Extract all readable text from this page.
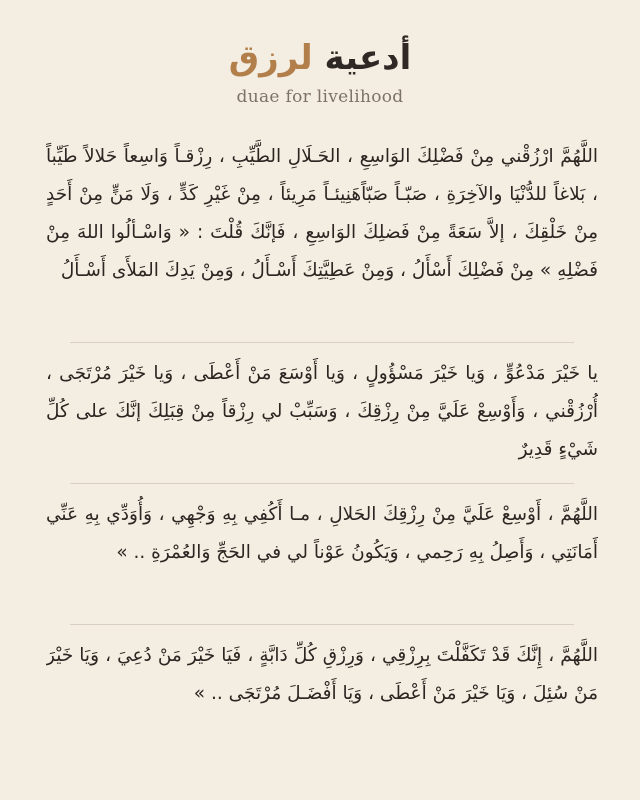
أدعية لرزق
duae for livelihood

اللَّهُمَّ ارْزُقْني مِنْ فَضْلِكَ الوَاسِعِ ، الحَـلَالِ الطَّيِّبِ ، رِزْقـاً وَاسِعاً حَلالاً طَيِّباً ، بَلاغاً للدُّنْيَا والآخِرَةِ ، صَبّـاً صَبّاًهَنِيئـاً مَرِيئاً ، مِنْ غَيْرِ كَدٍّ ، وَلَا مَنٍّ مِنْ أَحَدٍ مِنْ خَلْقِكَ ، إلاَّ سَعَةً مِنْ فَضلِكَ الوَاسِعِ ، فَإنَّكَ قُلْتَ : « وَاسْـألُوا اللهَ مِنْ فَضْلِهِ » مِنْ فَضْلِكَ أَسْأَلُ ، وَمِنْ عَطِيَّتِكَ أَسْـأَلُ ، وَمِنْ يَدِكَ المَلأَى أَسْـأَلُ

يا خَيْرَ مَدْعُوٍّ ، وَيا خَيْرَ مَسْؤُولٍ ، وَيا أَوْسَعَ مَنْ أَعْطَى ، وَيا خَيْرَ مُرْتَجَى ، أُرْزُقْني ، وَأَوْسِعْ عَلَيَّ مِنْ رِزْقِكَ ، وَسَبِّبْ لي رِزْقاً مِنْ قِبَلِكَ إنَّكَ على كُلِّ شَيْءٍ قَدِيرٌ

اللَّهُمَّ ، أَوْسِعْ عَلَيَّ مِنْ رِزْقِكَ الحَلالِ ، مـا أَكُفِي بِهِ وَجْهِي ، وَأُوَدِّي بِهِ عَنِّي أَمَانَتِي ، وَأَصِلُ بِهِ رَحِمي ، وَيَكُونُ عَوْناً لي في الحَجِّ وَالعُمْرَةِ .. »

اللَّهُمَّ ، إِنَّكَ قَدْ تَكَفَّلْتَ بِرِزْقِي ، وَرِزْقِ كُلِّ دَابَّةٍ ، فَيَا خَيْرَ مَنْ دُعِيَ ، وَيَا خَيْرَ مَنْ سُئِلَ ، وَيَا خَيْرَ مَنْ أَعْطَى ، وَيَا أَفْضَـلَ مُرْتَجَى .. »
